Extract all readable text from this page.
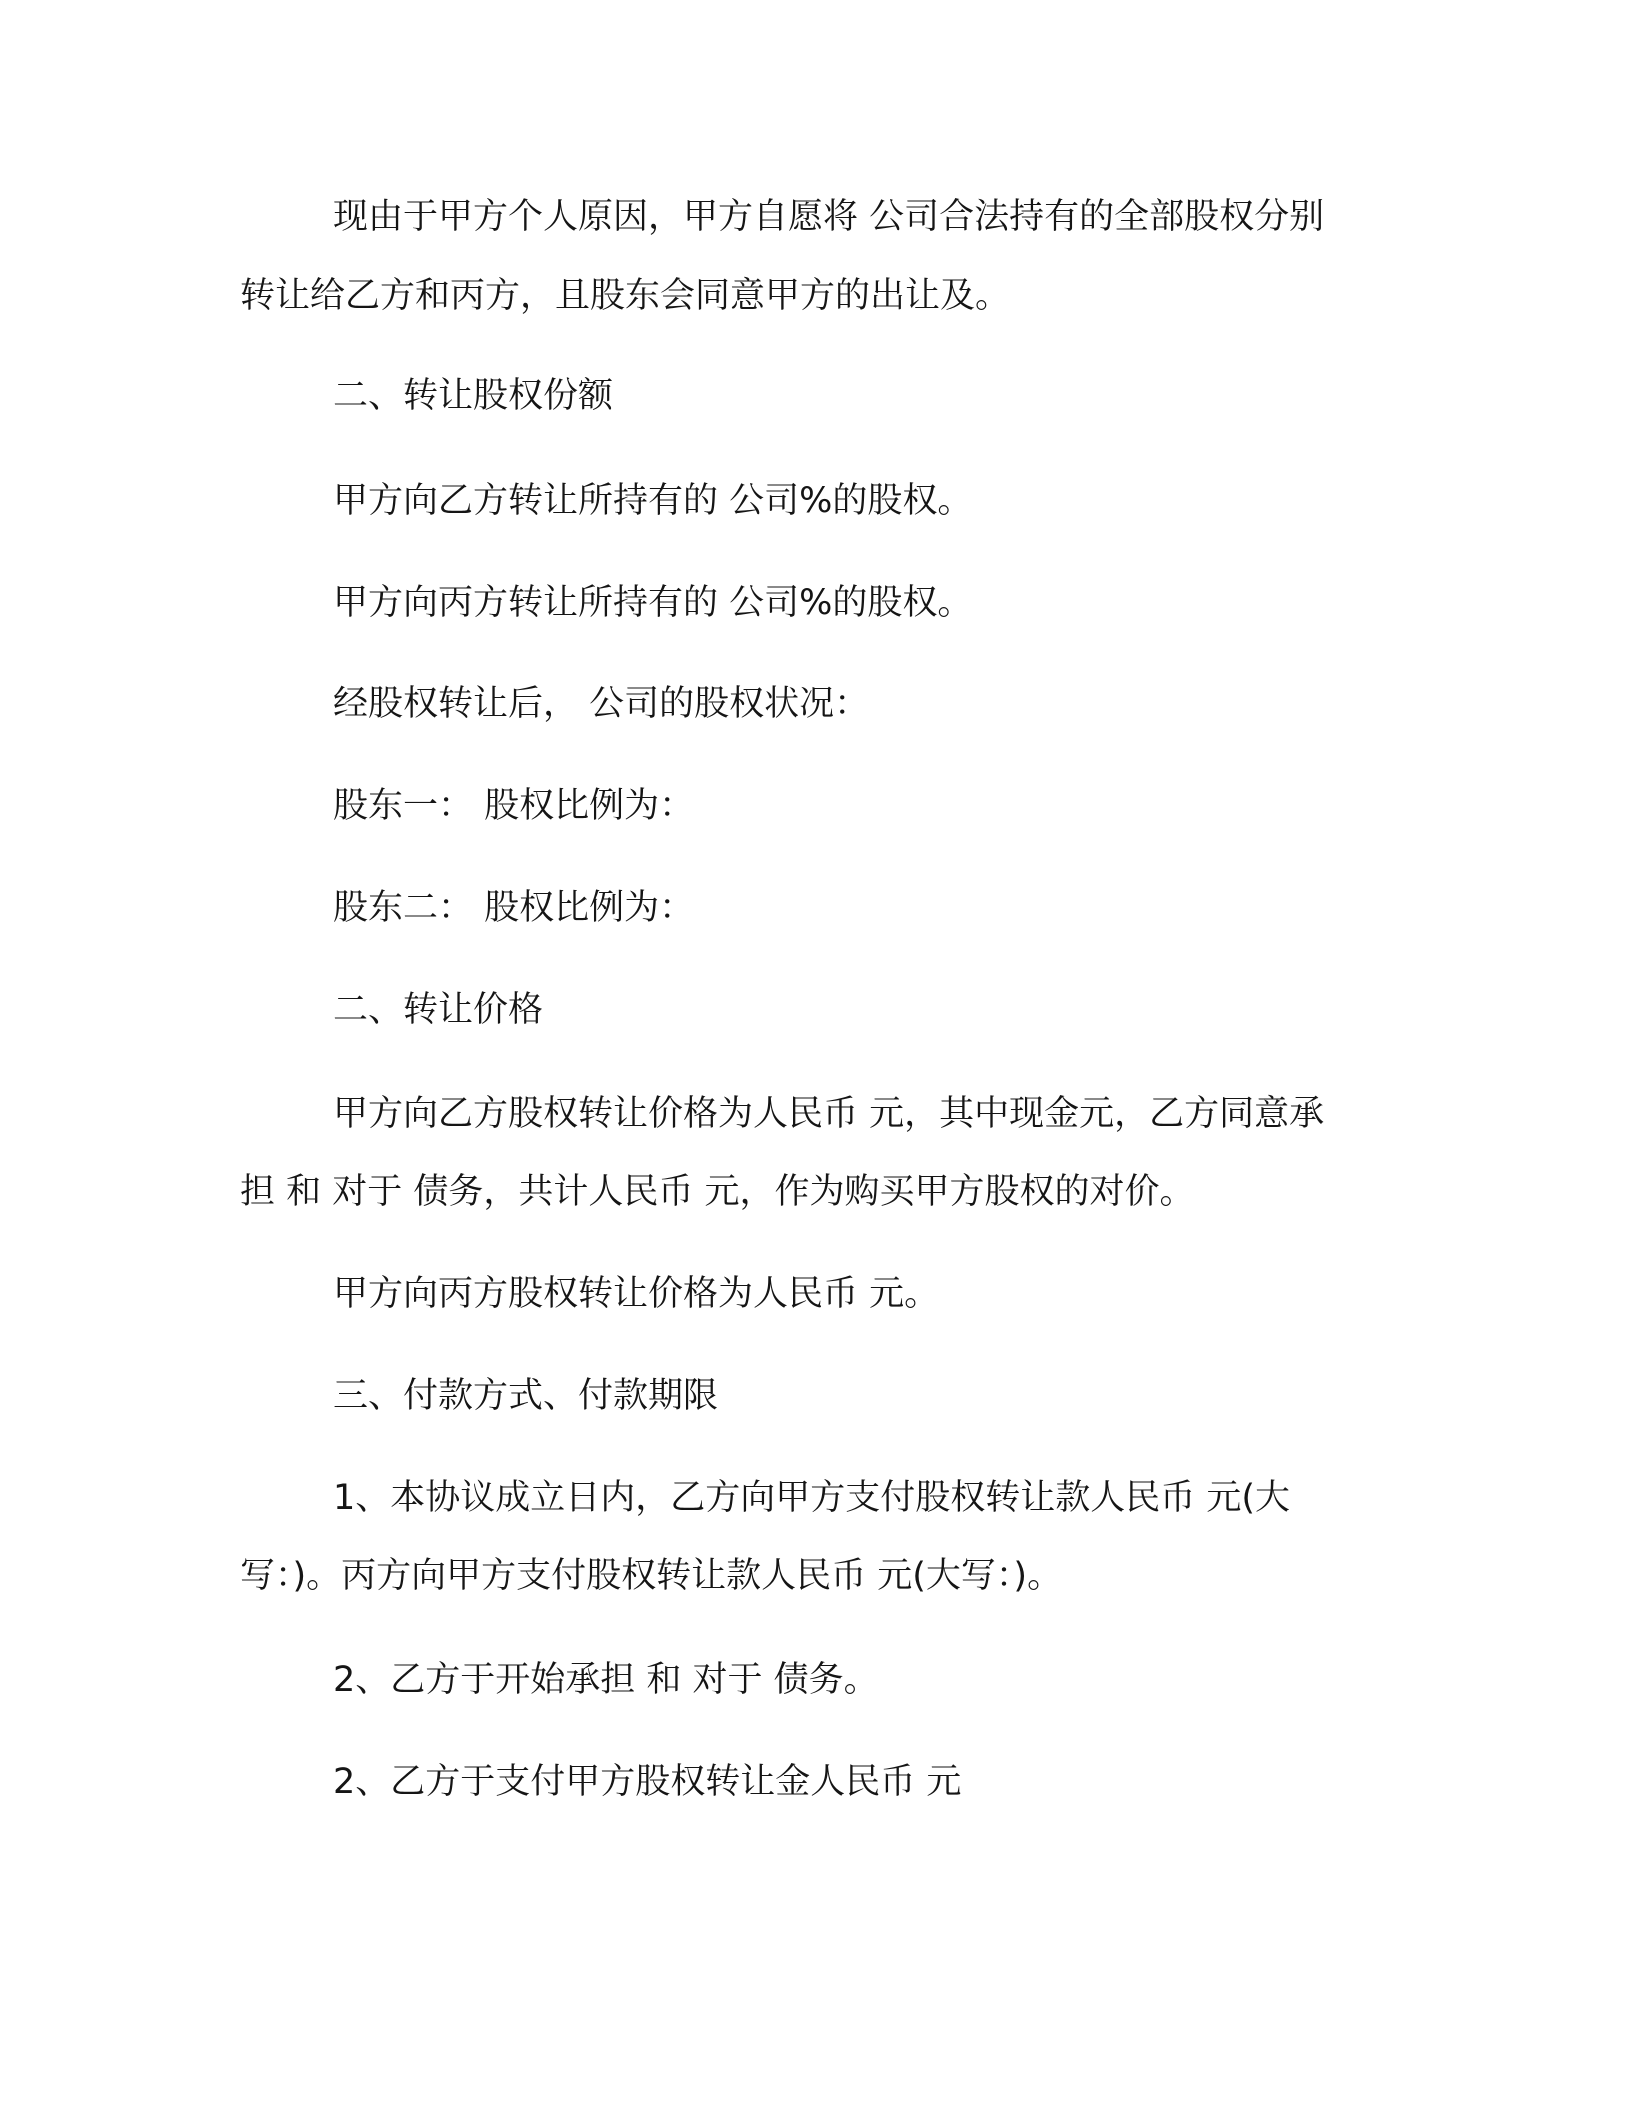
现由于甲方个人原因，甲方自愿将 公司合法持有的全部股权分别

转让给乙方和丙方，且股东会同意甲方的出让及。

二、转让股权份额

甲方向乙方转让所持有的 公司%的股权。

甲方向丙方转让所持有的 公司%的股权。

经股权转让后， 公司的股权状况：

股东一： 股权比例为：

股东二： 股权比例为：

二、转让价格

甲方向乙方股权转让价格为人民币 元，其中现金元，乙方同意承

担 和 对于 债务，共计人民币 元，作为购买甲方股权的对价。

甲方向丙方股权转让价格为人民币 元。

三、付款方式、付款期限

1、本协议成立日内，乙方向甲方支付股权转让款人民币 元(大

写：)。丙方向甲方支付股权转让款人民币 元(大写：)。

2、乙方于开始承担 和 对于 债务。

2、乙方于支付甲方股权转让金人民币 元
